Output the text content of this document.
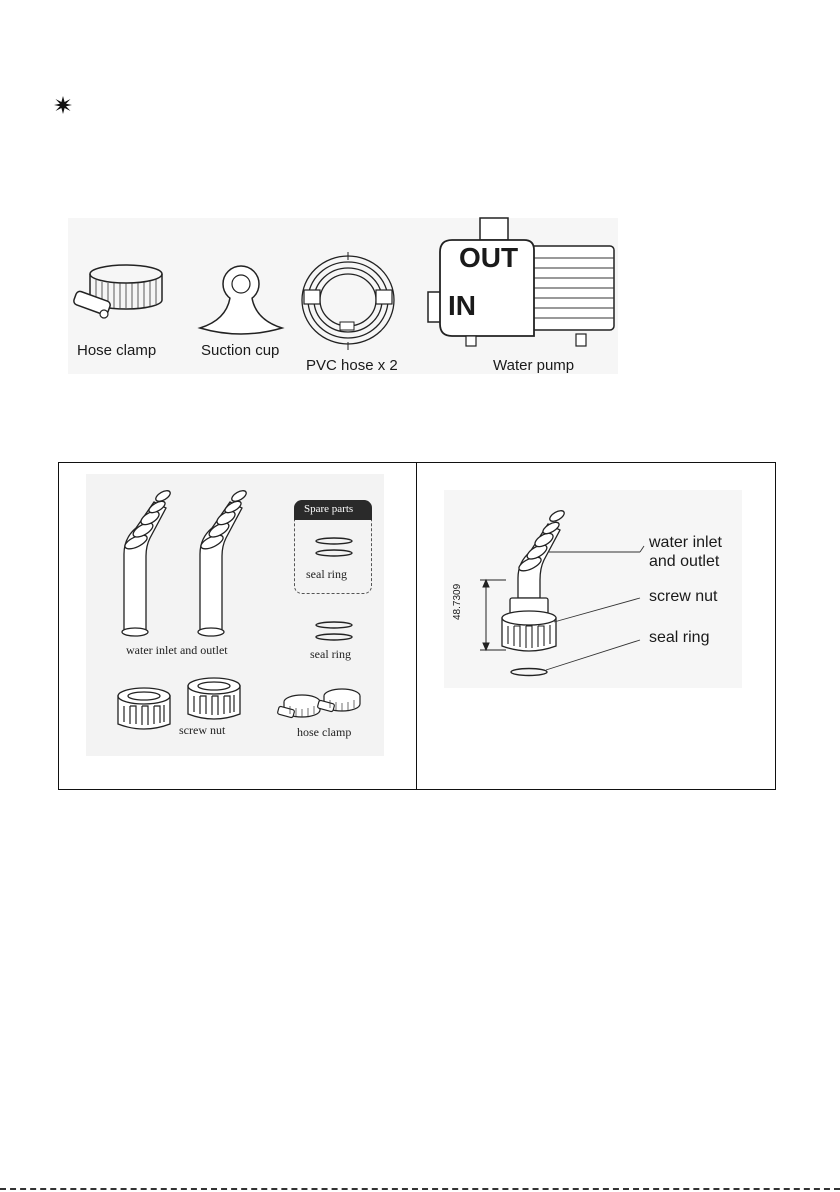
Hose clamp	Suction cup
PVC hose x 2
OUT
IN
Water pump
water inlet and outlet
Spare parts
seal ring
seal ring
screw nut	hose clamp
48.7309
water inlet
and outlet
screw nut
seal ring
